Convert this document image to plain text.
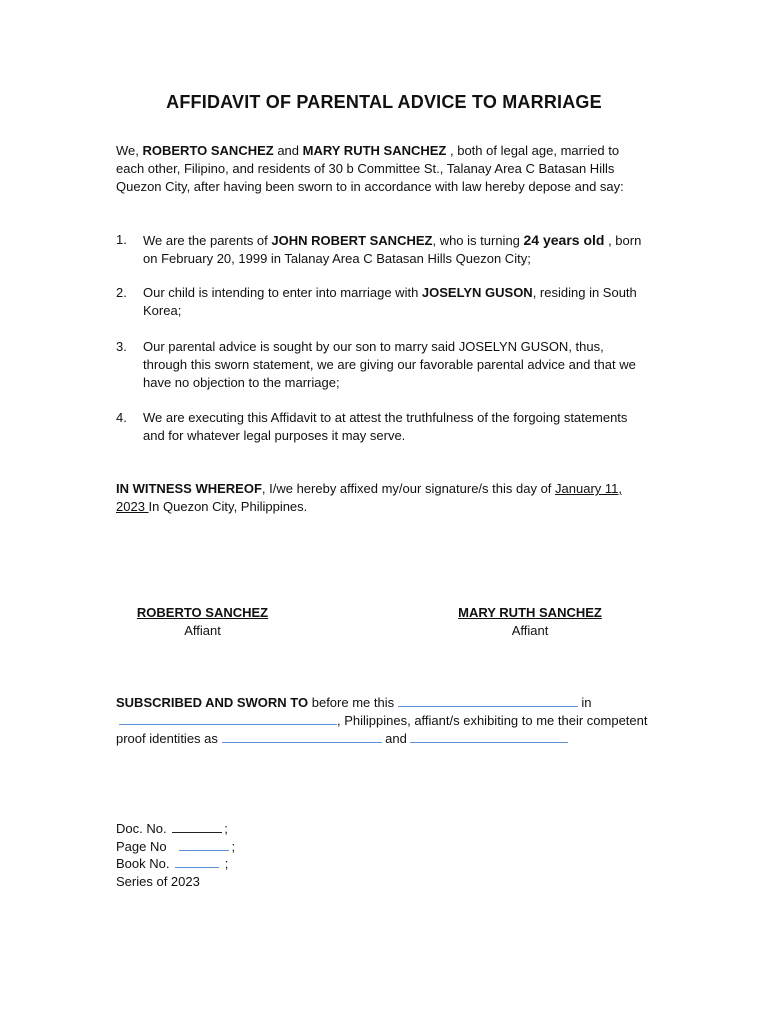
AFFIDAVIT OF PARENTAL ADVICE TO MARRIAGE
We, ROBERTO SANCHEZ and MARY RUTH SANCHEZ , both of legal age, married to each other, Filipino, and residents of 30 b Committee St., Talanay Area C Batasan Hills Quezon City, after having been sworn to in accordance with law hereby depose and say:
1.	We are the parents of JOHN ROBERT SANCHEZ, who is turning 24 years old , born on February 20, 1999 in Talanay Area C Batasan Hills Quezon City;
2.	Our child is intending to enter into marriage with JOSELYN GUSON, residing in South Korea;
3.	Our parental advice is sought by our son to marry said JOSELYN GUSON, thus, through this sworn statement, we are giving our favorable parental advice and that we have no objection to the marriage;
4.	We are executing this Affidavit to at attest the truthfulness of the forgoing statements and for whatever legal purposes it may serve.
IN WITNESS WHEREOF, I/we hereby affixed my/our signature/s this day of January 11, 2023 In Quezon City, Philippines.
ROBERTO SANCHEZ
Affiant
MARY RUTH SANCHEZ
Affiant
SUBSCRIBED AND SWORN TO before me this	in
, Philippines, affiant/s exhibiting to me their competent proof identities as	and
Doc. No.	;
Page No	;
Book No.	;
Series of 2023
